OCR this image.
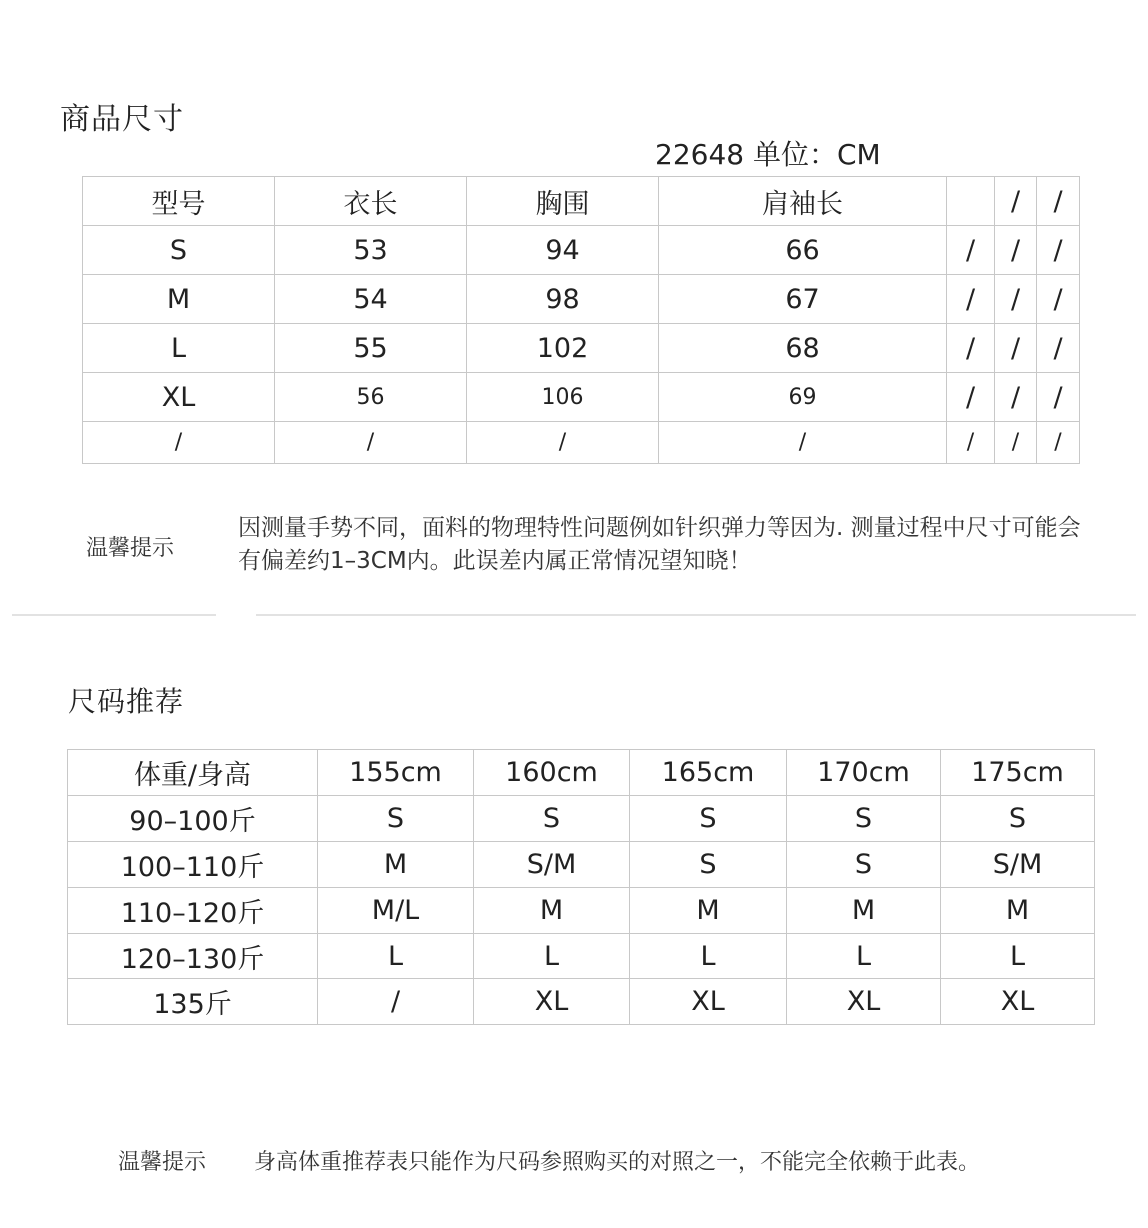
商品尺寸
22648 单位：CM
型号	衣长	胸围	肩袖长		/	/
S	53	94	66	/	/	/
M	54	98	67	/	/	/
L	55	102	68	/	/	/
XL	56	106	69	/	/	/
/	/	/	/	/	/	/
温馨提示
因测量手势不同，面料的物理特性问题例如针织弹力等因为. 测量过程中尺寸可能会有偏差约1–3CM内。此误差内属正常情况望知晓！
尺码推荐
体重/身高	155cm	160cm	165cm	170cm	175cm
90–100斤	S	S	S	S	S
100–110斤	M	S/M	S	S	S/M
110–120斤	M/L	M	M	M	M
120–130斤	L	L	L	L	L
135斤	/	XL	XL	XL	XL
温馨提示 身高体重推荐表只能作为尺码参照购买的对照之一，不能完全依赖于此表。
